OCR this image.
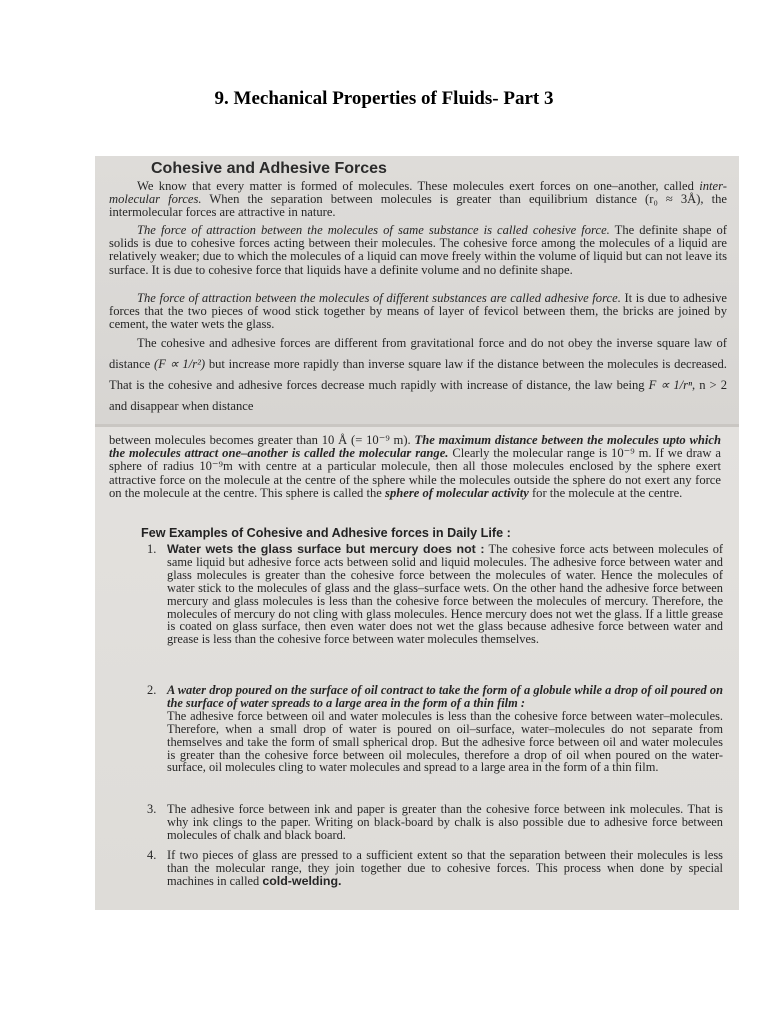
9. Mechanical Properties of Fluids- Part 3
Cohesive and Adhesive Forces

We know that every matter is formed of molecules. These molecules exert forces on one–another, called inter-molecular forces. When the separation between molecules is greater than equilibrium distance (r₀ ≈ 3Å), the intermolecular forces are attractive in nature.

The force of attraction between the molecules of same substance is called cohesive force. The definite shape of solids is due to cohesive forces acting between their molecules. The cohesive force among the molecules of a liquid are relatively weaker; due to which the molecules of a liquid can move freely within the volume of liquid but can not leave its surface. It is due to cohesive force that liquids have a definite volume and no definite shape.

The force of attraction between the molecules of different substances are called adhesive force. It is due to adhesive forces that the two pieces of wood stick together by means of layer of fevicol between them, the bricks are joined by cement, the water wets the glass.

The cohesive and adhesive forces are different from gravitational force and do not obey the inverse square law of distance (F ∝ 1/r²) but increase more rapidly than inverse square law if the distance between the molecules is decreased. That is the cohesive and adhesive forces decrease much rapidly with increase of distance, the law being F ∝ 1/rⁿ, n > 2 and disappear when distance

between molecules becomes greater than 10 Å (= 10⁻⁹ m). The maximum distance between the molecules upto which the molecules attract one–another is called the molecular range. Clearly the molecular range is 10⁻⁹ m. If we draw a sphere of radius 10⁻⁹m with centre at a particular molecule, then all those molecules enclosed by the sphere exert attractive force on the molecule at the centre of the sphere while the molecules outside the sphere do not exert any force on the molecule at the centre. This sphere is called the sphere of molecular activity for the molecule at the centre.

Few Examples of Cohesive and Adhesive forces in Daily Life :
1. Water wets the glass surface but mercury does not : The cohesive force acts between molecules of same liquid but adhesive force acts between solid and liquid molecules. The adhesive force between water and glass molecules is greater than the cohesive force between the molecules of water. Hence the molecules of water stick to the molecules of glass and the glass–surface wets. On the other hand the adhesive force between mercury and glass molecules is less than the cohesive force between the molecules of mercury. Therefore, the molecules of mercury do not cling with glass molecules. Hence mercury does not wet the glass. If a little grease is coated on glass surface, then even water does not wet the glass because adhesive force between water and grease is less than the cohesive force between water molecules themselves.
2. A water drop poured on the surface of oil contract to take the form of a globule while a drop of oil poured on the surface of water spreads to a large area in the form of a thin film :
The adhesive force between oil and water molecules is less than the cohesive force between water–molecules. Therefore, when a small drop of water is poured on oil–surface, water–molecules do not separate from themselves and take the form of small spherical drop. But the adhesive force between oil and water molecules is greater than the cohesive force between oil molecules, therefore a drop of oil when poured on the water-surface, oil molecules cling to water molecules and spread to a large area in the form of a thin film.
3. The adhesive force between ink and paper is greater than the cohesive force between ink molecules. That is why ink clings to the paper. Writing on black-board by chalk is also possible due to adhesive force between molecules of chalk and black board.
4. If two pieces of glass are pressed to a sufficient extent so that the separation between their molecules is less than the molecular range, they join together due to cohesive forces. This process when done by special machines in called cold-welding.
